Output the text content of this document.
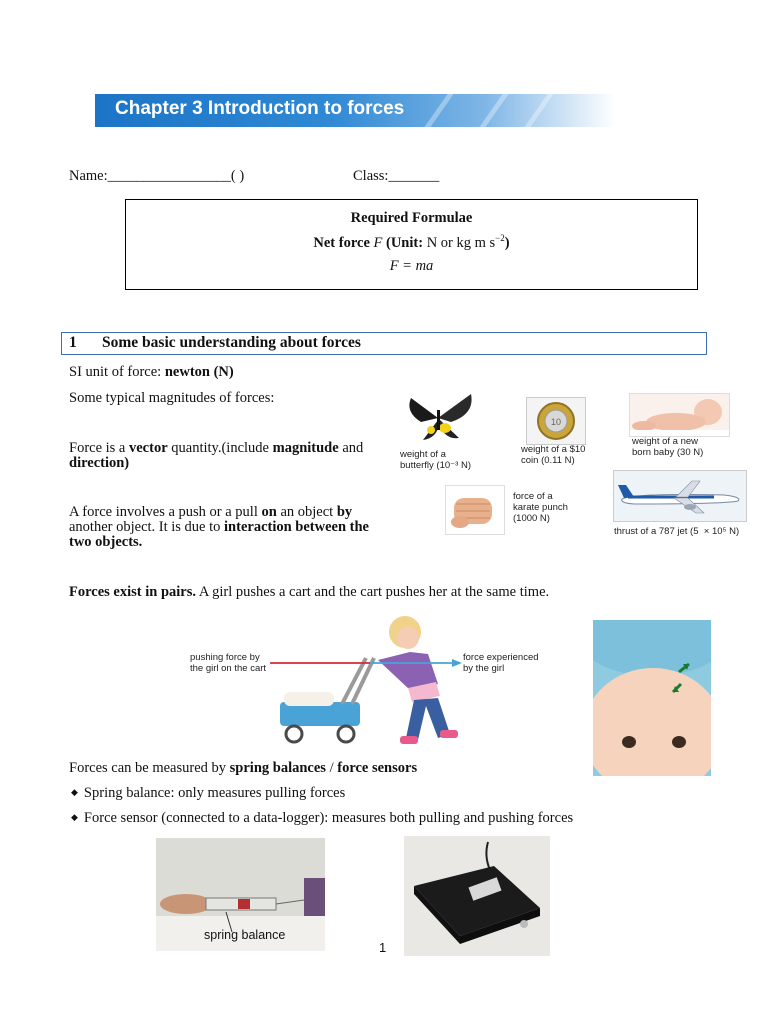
Chapter 3 Introduction to forces
Name:_________________( )	Class:_______
Required Formulae
Net force F (Unit: N or kg m $s^{-2}$)
F = ma
1 Some basic understanding about forces
SI unit of force: newton (N)
Some typical magnitudes of forces:
Force is a vector quantity.(include magnitude and
direction)
A force involves a push or a pull on an object by
another object. It is due to interaction between the
two objects.
weight of a
butterfly (10⁻³ N)
10
weight of a $10
coin (0.11 N)
weight of a new
born baby (30 N)
force of a
karate punch
(1000 N)
thrust of a 787 jet (5  × 10⁵ N)
Forces exist in pairs. A girl pushes a cart and the cart pushes her at the same time.
pushing force by
the girl on the cart
force experienced
by the girl
Forces can be measured by spring balances / force sensors
◆ Spring balance: only measures pulling forces
◆ Force sensor (connected to a data-logger): measures both pulling and pushing forces
spring balance
1
